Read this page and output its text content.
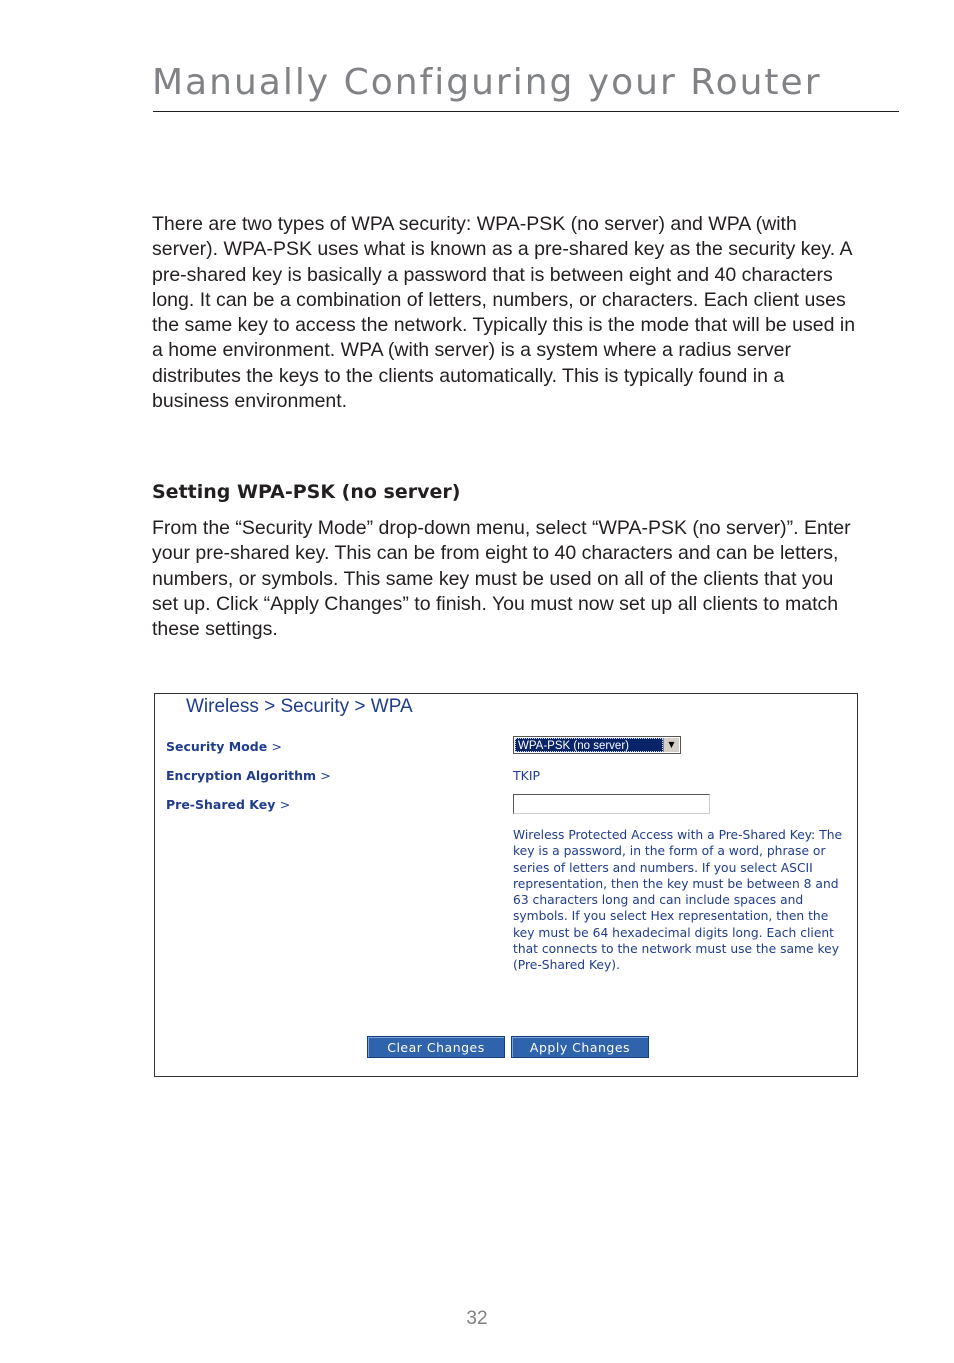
Manually Configuring your Router

There are two types of WPA security: WPA-PSK (no server) and WPA (with server). WPA-PSK uses what is known as a pre-shared key as the security key. A pre-shared key is basically a password that is between eight and 40 characters long. It can be a combination of letters, numbers, or characters. Each client uses the same key to access the network. Typically this is the mode that will be used in a home environment. WPA (with server) is a system where a radius server distributes the keys to the clients automatically. This is typically found in a business environment.

Setting WPA-PSK (no server)

From the “Security Mode” drop-down menu, select “WPA-PSK (no server)”. Enter your pre-shared key. This can be from eight to 40 characters and can be letters, numbers, or symbols. This same key must be used on all of the clients that you set up. Click “Apply Changes” to finish. You must now set up all clients to match these settings.

Wireless > Security > WPA
Security Mode >
Encryption Algorithm >
Pre-Shared Key >
WPA-PSK (no server)	▼
TKIP
Wireless Protected Access with a Pre-Shared Key: The key is a password, in the form of a word, phrase or series of letters and numbers. If you select ASCII representation, then the key must be between 8 and 63 characters long and can include spaces and symbols. If you select Hex representation, then the key must be 64 hexadecimal digits long. Each client that connects to the network must use the same key (Pre-Shared Key).
Clear Changes	Apply Changes
32
